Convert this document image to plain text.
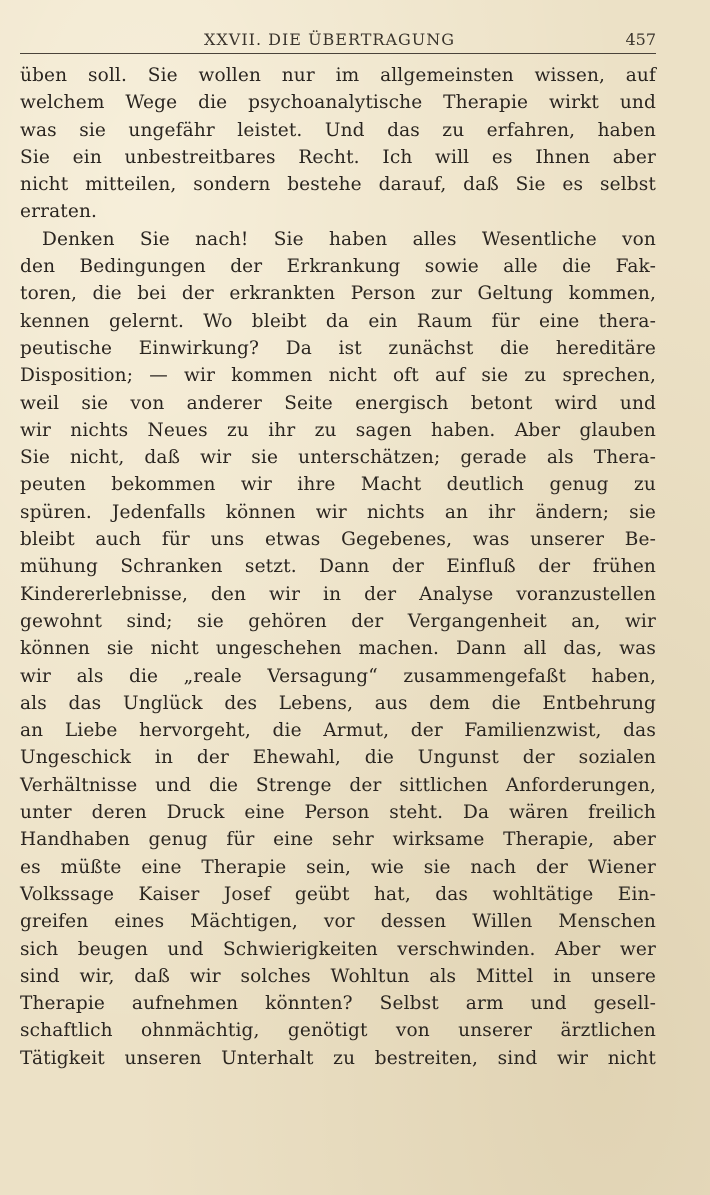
XXVII. DIE ÜBERTRAGUNG	457
üben soll. Sie wollen nur im allgemeinsten wissen, auf
welchem Wege die psychoanalytische Therapie wirkt und
was sie ungefähr leistet. Und das zu erfahren, haben
Sie ein unbestreitbares Recht. Ich will es Ihnen aber
nicht mitteilen, sondern bestehe darauf, daß Sie es selbst
erraten.
Denken Sie nach! Sie haben alles Wesentliche von
den Bedingungen der Erkrankung sowie alle die Fak-
toren, die bei der erkrankten Person zur Geltung kommen,
kennen gelernt. Wo bleibt da ein Raum für eine thera-
peutische Einwirkung? Da ist zunächst die hereditäre
Disposition; — wir kommen nicht oft auf sie zu sprechen,
weil sie von anderer Seite energisch betont wird und
wir nichts Neues zu ihr zu sagen haben. Aber glauben
Sie nicht, daß wir sie unterschätzen; gerade als Thera-
peuten bekommen wir ihre Macht deutlich genug zu
spüren. Jedenfalls können wir nichts an ihr ändern; sie
bleibt auch für uns etwas Gegebenes, was unserer Be-
mühung Schranken setzt. Dann der Einfluß der frühen
Kindererlebnisse, den wir in der Analyse voranzustellen
gewohnt sind; sie gehören der Vergangenheit an, wir
können sie nicht ungeschehen machen. Dann all das, was
wir als die „reale Versagung“ zusammengefaßt haben,
als das Unglück des Lebens, aus dem die Entbehrung
an Liebe hervorgeht, die Armut, der Familienzwist, das
Ungeschick in der Ehewahl, die Ungunst der sozialen
Verhältnisse und die Strenge der sittlichen Anforderungen,
unter deren Druck eine Person steht. Da wären freilich
Handhaben genug für eine sehr wirksame Therapie, aber
es müßte eine Therapie sein, wie sie nach der Wiener
Volkssage Kaiser Josef geübt hat, das wohltätige Ein-
greifen eines Mächtigen, vor dessen Willen Menschen
sich beugen und Schwierigkeiten verschwinden. Aber wer
sind wir, daß wir solches Wohltun als Mittel in unsere
Therapie aufnehmen könnten? Selbst arm und gesell-
schaftlich ohnmächtig, genötigt von unserer ärztlichen
Tätigkeit unseren Unterhalt zu bestreiten, sind wir nicht
